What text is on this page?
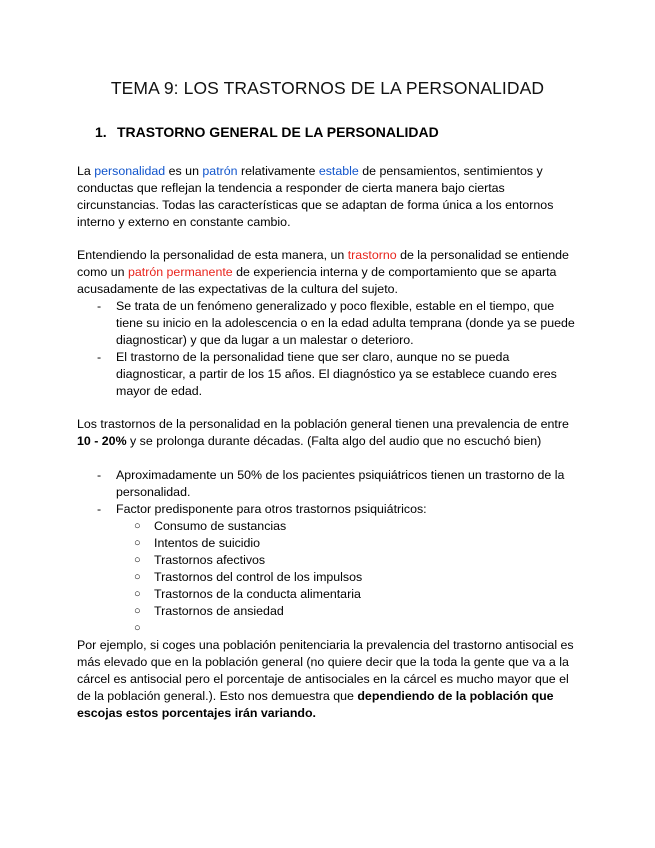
TEMA 9: LOS TRASTORNOS DE LA PERSONALIDAD
1. TRASTORNO GENERAL DE LA PERSONALIDAD
La personalidad es un patrón relativamente estable de pensamientos, sentimientos y conductas que reflejan la tendencia a responder de cierta manera bajo ciertas circunstancias. Todas las características que se adaptan de forma única a los entornos interno y externo en constante cambio.
Entendiendo la personalidad de esta manera, un trastorno de la personalidad se entiende como un patrón permanente de experiencia interna y de comportamiento que se aparta acusadamente de las expectativas de la cultura del sujeto.
- Se trata de un fenómeno generalizado y poco flexible, estable en el tiempo, que tiene su inicio en la adolescencia o en la edad adulta temprana (donde ya se puede diagnosticar) y que da lugar a un malestar o deterioro.
- El trastorno de la personalidad tiene que ser claro, aunque no se pueda diagnosticar, a partir de los 15 años. El diagnóstico ya se establece cuando eres mayor de edad.
Los trastornos de la personalidad en la población general tienen una prevalencia de entre 10 - 20% y se prolonga durante décadas. (Falta algo del audio que no escuchó bien)
- Aproximadamente un 50% de los pacientes psiquiátricos tienen un trastorno de la personalidad.
- Factor predisponente para otros trastornos psiquiátricos:
○ Consumo de sustancias
○ Intentos de suicidio
○ Trastornos afectivos
○ Trastornos del control de los impulsos
○ Trastornos de la conducta alimentaria
○ Trastornos de ansiedad
○
Por ejemplo, si coges una población penitenciaria la prevalencia del trastorno antisocial es más elevado que en la población general (no quiere decir que la toda la gente que va a la cárcel es antisocial pero el porcentaje de antisociales en la cárcel es mucho mayor que el de la población general.). Esto nos demuestra que dependiendo de la población que escojas estos porcentajes irán variando.
